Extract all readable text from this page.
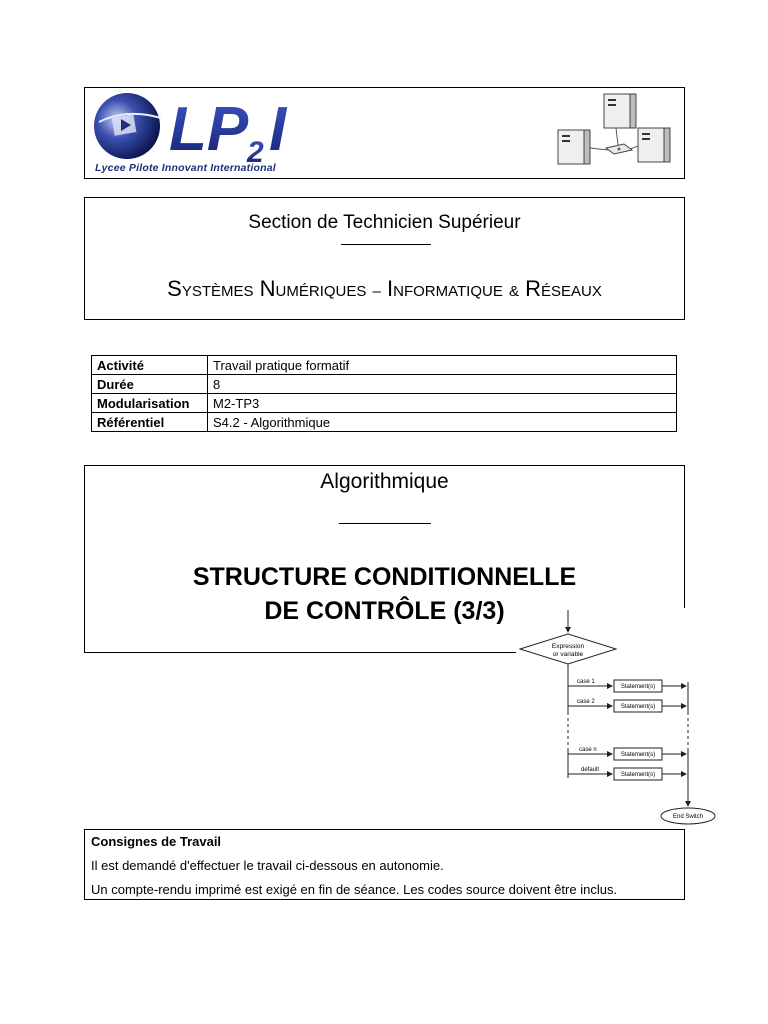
LP
2 I
Lycee Pilote Innovant International
Section de Technicien Supérieur
SYSTÈMES NUMÉRIQUES – INFORMATIQUE & RÉSEAUX
Activité	Travail pratique formatif
Durée	8
Modularisation	M2-TP3
Référentiel	S4.2 - Algorithmique
Algorithmique
STRUCTURE CONDITIONNELLE
DE CONTRÔLE (3/3)
Expression
or variable
case 1
Statement(s)
case 2
Statement(s)
case n
Statement(s)
default
Statement(s)
End Switch
Consignes de Travail

Il est demandé d'effectuer le travail ci-dessous en autonomie.

Un compte-rendu imprimé est exigé en fin de séance. Les codes source doivent être inclus.
